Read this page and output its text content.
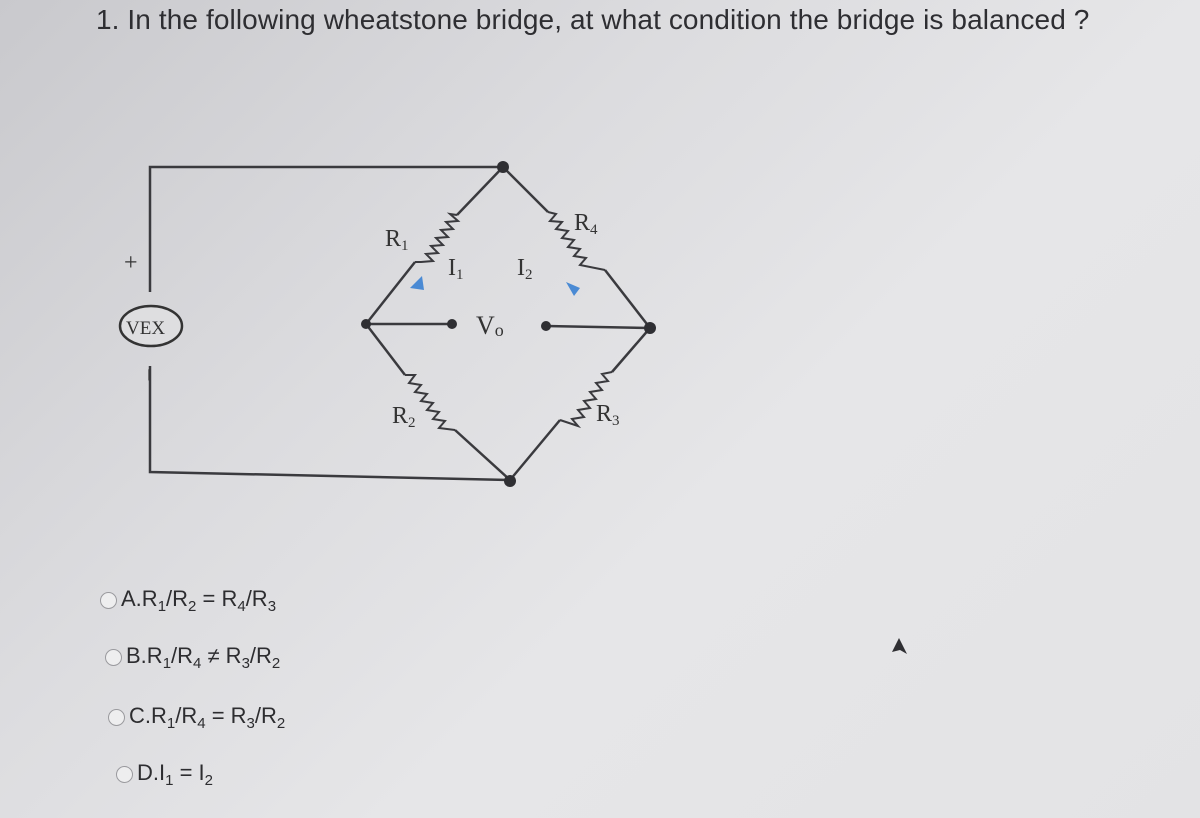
1. In the following wheatstone bridge, at what condition the bridge is balanced ?
VEX
+
−
R1
R2	R3
R4
I1 I2
Vo
$A.R_1/R_2 = R_4/R_3$
$B.R_1/R_4 \ne R_3/R_2$
$C.R_1/R_4 = R_3/R_2$
$D.I_1 = I_2$
